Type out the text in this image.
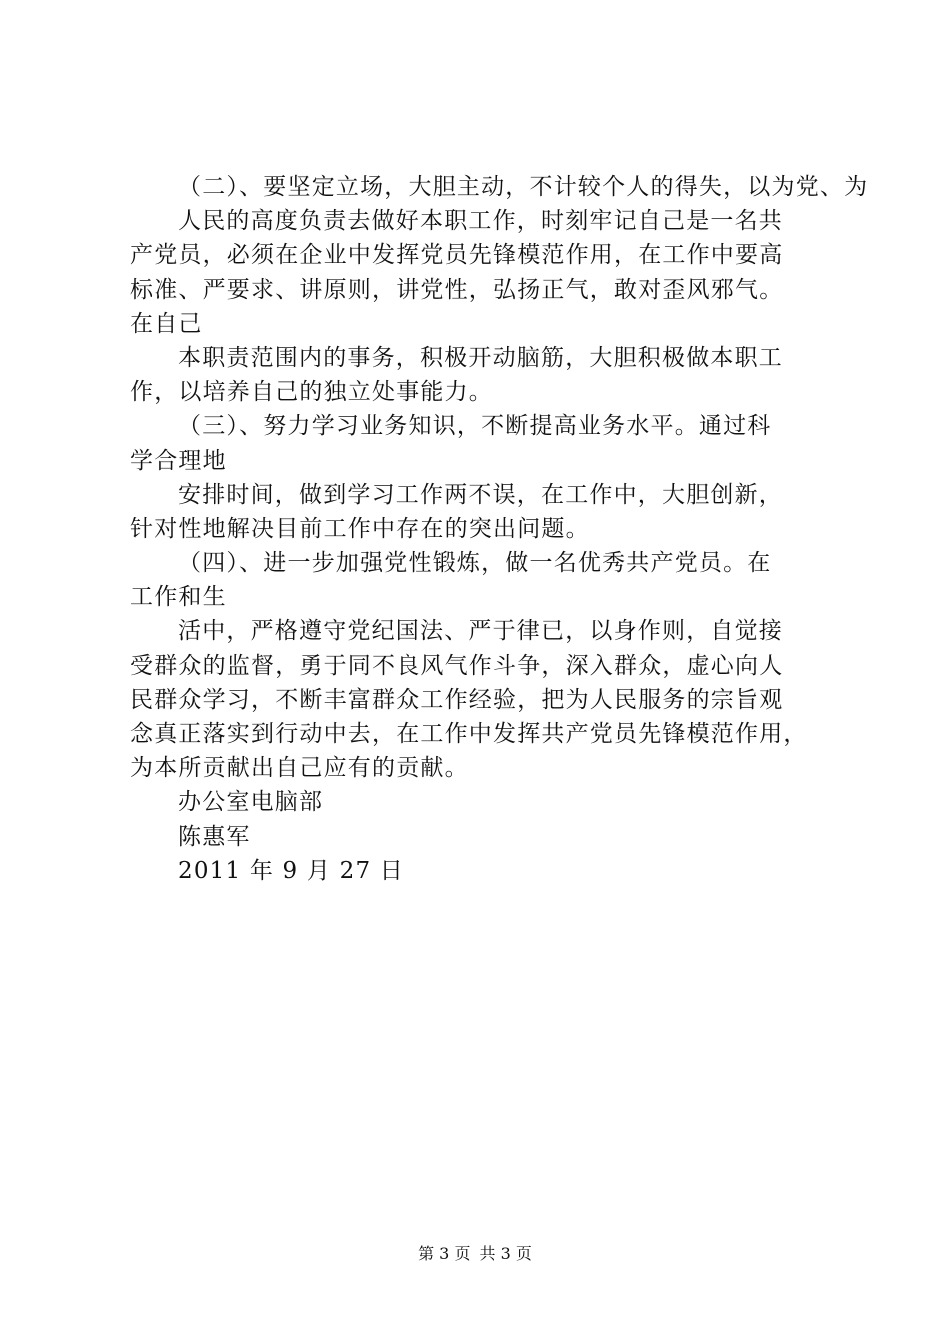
（二）、要坚定立场，大胆主动，不计较个人的得失，以为党、为
人民的高度负责去做好本职工作，时刻牢记自己是一名共
产党员，必须在企业中发挥党员先锋模范作用，在工作中要高
标准、严要求、讲原则，讲党性，弘扬正气，敢对歪风邪气。
在自己
本职责范围内的事务，积极开动脑筋，大胆积极做本职工
作，以培养自己的独立处事能力。
（三）、努力学习业务知识，不断提高业务水平。通过科
学合理地
安排时间，做到学习工作两不误，在工作中，大胆创新，
针对性地解决目前工作中存在的突出问题。
（四）、进一步加强党性锻炼，做一名优秀共产党员。在
工作和生
活中，严格遵守党纪国法、严于律已，以身作则，自觉接
受群众的监督，勇于同不良风气作斗争，深入群众，虚心向人
民群众学习，不断丰富群众工作经验，把为人民服务的宗旨观
念真正落实到行动中去，在工作中发挥共产党员先锋模范作用，
为本所贡献出自己应有的贡献。
办公室电脑部
陈惠军
2011 年 9 月 27 日
第 3 页 共 3 页
